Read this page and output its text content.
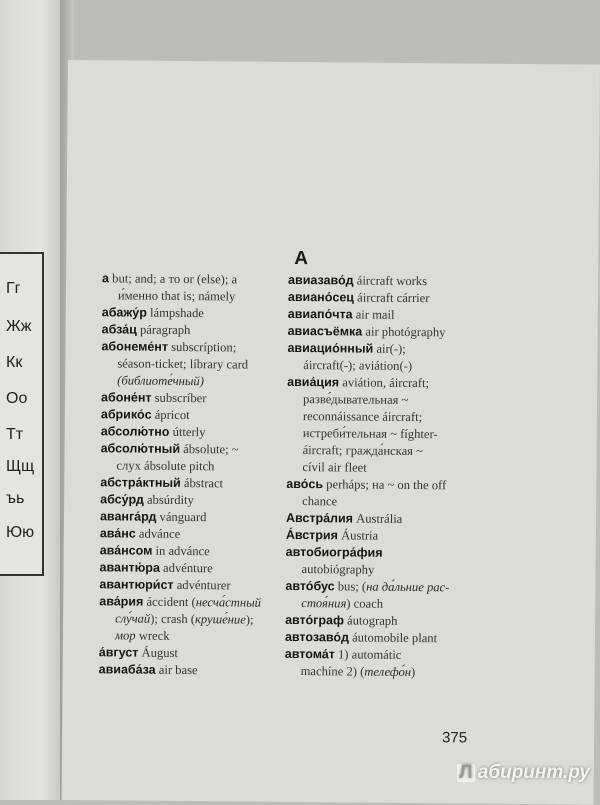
Гг
Жж
Кк
Оо
Тт
Щщ
ъь
Юю
А
а but; and; а то or (else); а
и́менно that is; námely
абажу́р lámpshade
абза́ц páragraph
абонеме́нт subscríption;
séason-ticket; líbrary card
(библиоте́чный)
абоне́нт subscríber
абрико́с ápricot
абсолю́тно útterly
абсолю́тный ábsolute; ~
слух ábsolute pitch
абстра́ктный ábstract
абсу́рд absúrdity
аванга́рд vánguard
ава́нс advánce
ава́нсом in advánce
авантю́ра advénture
авантюри́ст advénturer
ава́рия áccident (несча́стный
слу́чай); crash (круше́ние);
мор wreck
а́вгуст Áugust
авиаба́за air base
авиазаво́д áircraft works
авиано́сец áircraft cárrier
авиапо́чта air mail
авиасъёмка air photógraphy
авиацио́нный air(-);
áircraft(-); aviátion(-)
авиа́ция aviátion, áircraft;
разве́дывательная ~
reconnáissance áircraft;
истреби́тельная ~ fíghter-
áircraft; гражда́нская ~
cívil air fleet
аво́сь perháps; на ~ on the off
chance
Австра́лия Austrália
А́встрия Áustria
автобиогра́фия
autobiógraphy
авто́бус bus; (на да́льние рас-
стоя́ния) coach
авто́граф áutograph
автозаво́д áutomobile plant
автома́т 1) automátic
machíne 2) (телефо́н)
375
Л абиринт.ру
